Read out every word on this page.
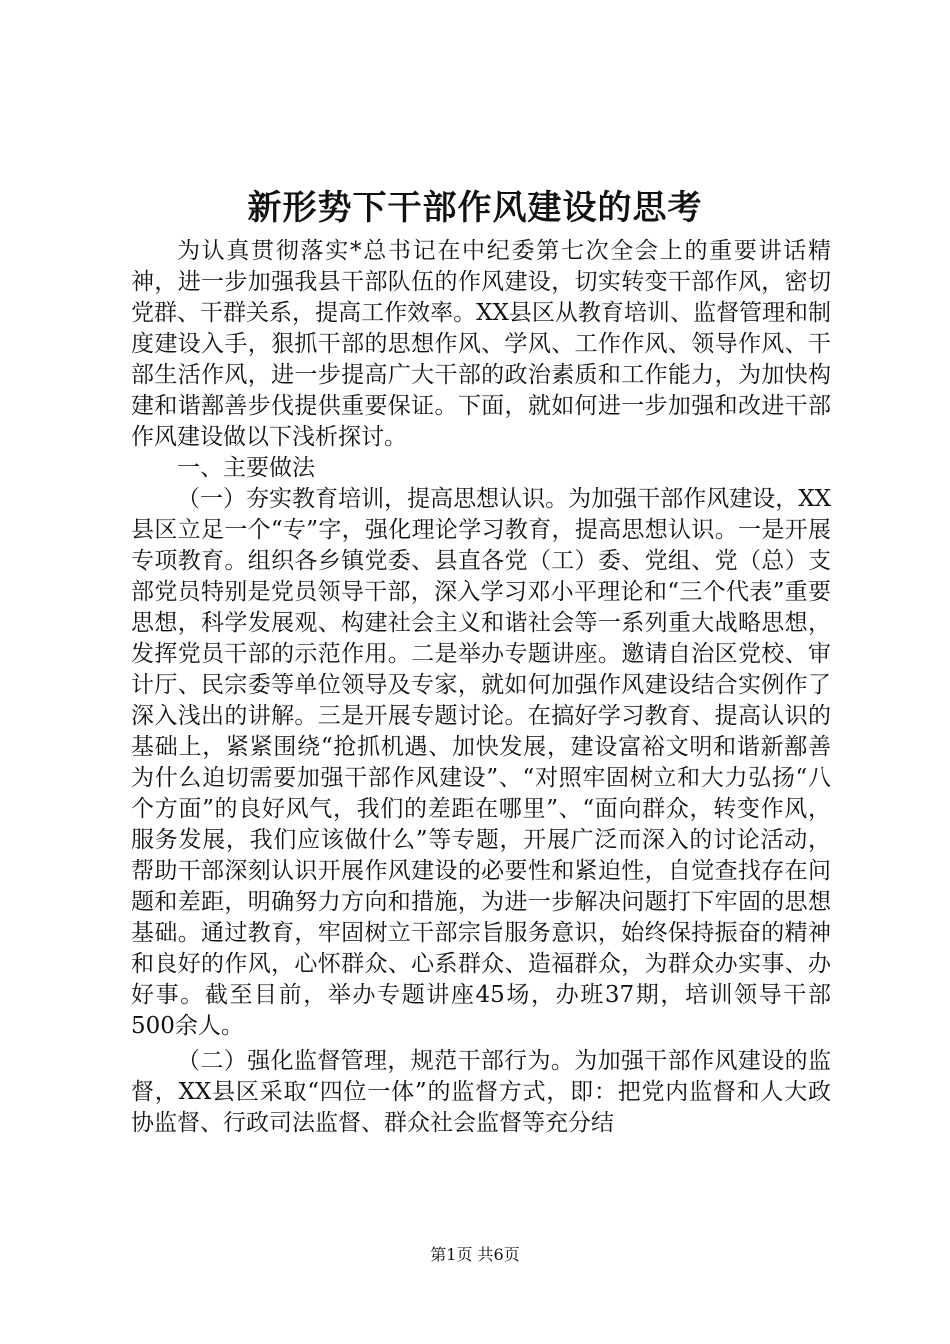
新形势下干部作风建设的思考

为认真贯彻落实*总书记在中纪委第七次全会上的重要讲话精神，进一步加强我县干部队伍的作风建设，切实转变干部作风，密切党群、干群关系，提高工作效率。XX县区从教育培训、监督管理和制度建设入手，狠抓干部的思想作风、学风、工作作风、领导作风、干部生活作风，进一步提高广大干部的政治素质和工作能力，为加快构建和谐鄯善步伐提供重要保证。下面，就如何进一步加强和改进干部作风建设做以下浅析探讨。

一、主要做法

（一）夯实教育培训，提高思想认识。为加强干部作风建设，XX县区立足一个“专”字，强化理论学习教育，提高思想认识。一是开展专项教育。组织各乡镇党委、县直各党（工）委、党组、党（总）支部党员特别是党员领导干部，深入学习邓小平理论和“三个代表”重要思想，科学发展观、构建社会主义和谐社会等一系列重大战略思想，发挥党员干部的示范作用。二是举办专题讲座。邀请自治区党校、审计厅、民宗委等单位领导及专家，就如何加强作风建设结合实例作了深入浅出的讲解。三是开展专题讨论。在搞好学习教育、提高认识的基础上，紧紧围绕“抢抓机遇、加快发展，建设富裕文明和谐新鄯善为什么迫切需要加强干部作风建设”、“对照牢固树立和大力弘扬“八个方面”的良好风气，我们的差距在哪里”、“面向群众，转变作风，服务发展，我们应该做什么”等专题，开展广泛而深入的讨论活动，帮助干部深刻认识开展作风建设的必要性和紧迫性，自觉查找存在问题和差距，明确努力方向和措施，为进一步解决问题打下牢固的思想基础。通过教育，牢固树立干部宗旨服务意识，始终保持振奋的精神和良好的作风，心怀群众、心系群众、造福群众，为群众办实事、办好事。截至目前，举办专题讲座45场，办班37期，培训领导干部500余人。

（二）强化监督管理，规范干部行为。为加强干部作风建设的监督，XX县区采取“四位一体”的监督方式，即：把党内监督和人大政协监督、行政司法监督、群众社会监督等充分结

第1页 共6页
